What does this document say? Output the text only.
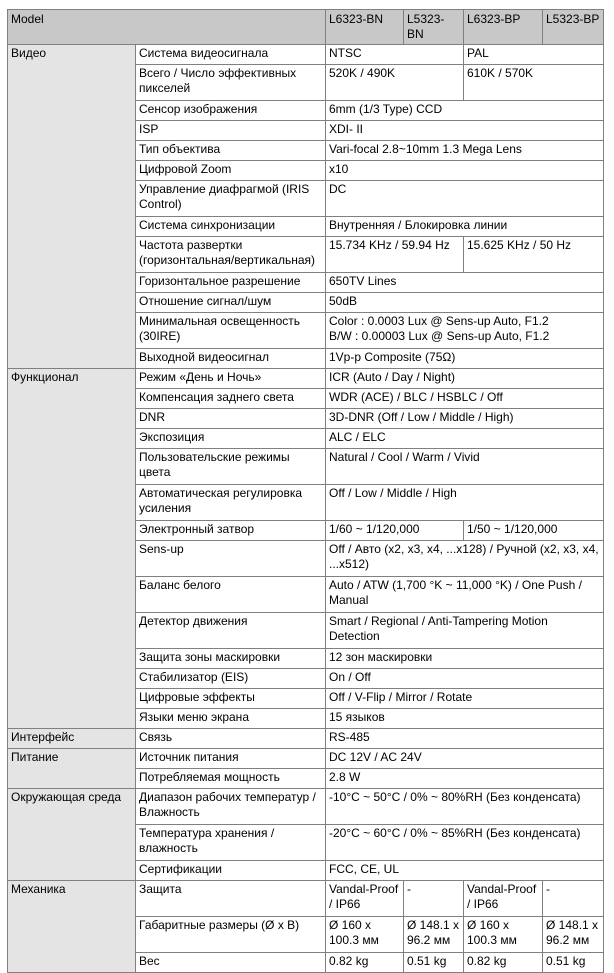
Model		L6323-BN	L5323-BN	L6323-BP	L5323-BP

Видео	Система видеосигнала	NTSC		PAL	
	Всего / Число эффективных пикселей	520K / 490K		610K / 570K	
	Сенсор изображения	6mm (1/3 Type) CCD			
	ISP	XDI- II			
	Тип объектива	Vari-focal 2.8~10mm 1.3 Mega Lens			
	Цифровой Zoom	x10			
	Управление диафрагмой (IRIS Control)	DC			
	Система синхронизации	Внутренняя / Блокировка линии			
	Частота развертки (горизонтальная/вертикальная)	15.734 KHz / 59.94 Hz		15.625 KHz / 50 Hz	
	Горизонтальное разрешение	650TV Lines			
	Отношение сигнал/шум	50dB			
	Минимальная освещенность (30IRE)	Color : 0.0003 Lux @ Sens-up Auto, F1.2
B/W : 0.00003 Lux @ Sens-up Auto, F1.2			

	Выходной видеосигнал	1Vp-p Composite (75Ω)			

Функционал	Режим «День и Ночь»	ICR (Auto / Day / Night)			
	Компенсация заднего света	WDR (ACE) / BLC / HSBLC / Off			
	DNR	3D-DNR (Off / Low / Middle / High)			
	Экспозиция	ALC / ELC			
	Пользовательские режимы цвета	Natural / Cool / Warm / Vivid			
	Автоматическая регулировка усиления	Off / Low / Middle / High			
	Электронный затвор	1/60 ~ 1/120,000		1/50 ~ 1/120,000	
	Sens-up	Off / Авто (x2, x3, x4, ...x128) / Ручной (x2, x3, x4, ...x512)			
	Баланс белого	Auto / ATW (1,700 °K ~ 11,000 °K) / One Push / Manual			
	Детектор движения	Smart / Regional / Anti-Tampering Motion Detection			
	Защита зоны маскировки	12 зон маскировки			
	Стабилизатор (EIS)	On / Off			
	Цифровые эффекты	Off / V-Flip / Mirror / Rotate			
	Языки меню экрана	15 языков			

Интерфейс	Связь	RS-485			

Питание	Источник питания	DC 12V / AC 24V			
	Потребляемая мощность	2.8 W			

Окружающая среда	Диапазон рабочих температур / Влажность	-10°C ~ 50°C / 0% ~ 80%RH (Без конденсата)			
	Температура хранения / влажность	-20°C ~ 60°C / 0% ~ 85%RH (Без конденсата)			
	Сертификации	FCC, CE, UL			

Механика	Защита	Vandal-Proof / IP66	-	Vandal-Proof / IP66	-
	Габаритные размеры (Ø x B)	Ø 160 x 100.3 мм	Ø 148.1 x 96.2 мм	Ø 160 x 100.3 мм	Ø 148.1 x 96.2 мм
	Вес	0.82 kg	0.51 kg	0.82 kg	0.51 kg
